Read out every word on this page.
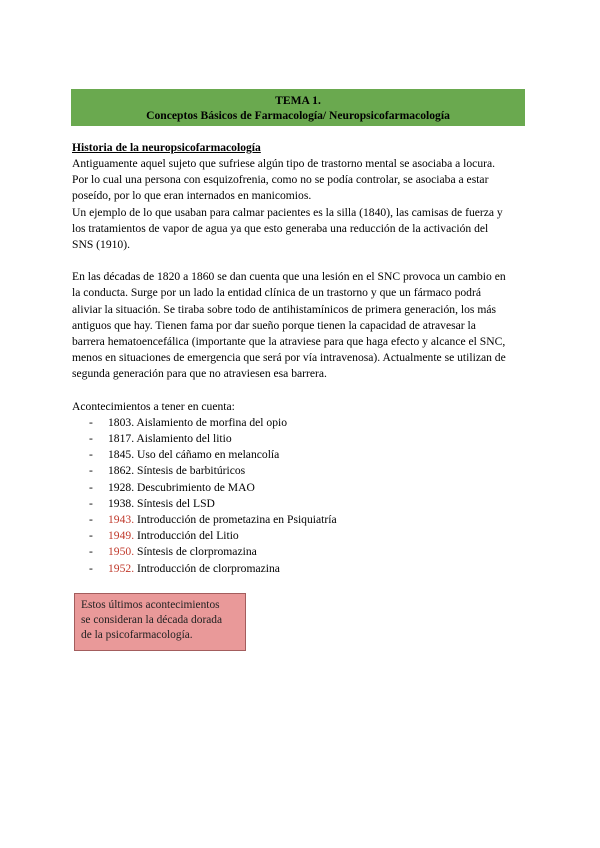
TEMA 1.
Conceptos Básicos de Farmacología/ Neuropsicofarmacología
Historia de la neuropsicofarmacología

Antiguamente aquel sujeto que sufriese algún tipo de trastorno mental se asociaba a locura.
Por lo cual una persona con esquizofrenia, como no se podía controlar, se asociaba a estar
poseído, por lo que eran internados en manicomios.
Un ejemplo de lo que usaban para calmar pacientes es la silla (1840), las camisas de fuerza y
los tratamientos de vapor de agua ya que esto generaba una reducción de la activación del
SNS (1910).

En las décadas de 1820 a 1860 se dan cuenta que una lesión en el SNC provoca un cambio en
la conducta. Surge por un lado la entidad clínica de un trastorno y que un fármaco podrá
aliviar la situación. Se tiraba sobre todo de antihistamínicos de primera generación, los más
antiguos que hay. Tienen fama por dar sueño porque tienen la capacidad de atravesar la
barrera hematoencefálica (importante que la atraviese para que haga efecto y alcance el SNC,
menos en situaciones de emergencia que será por vía intravenosa). Actualmente se utilizan de
segunda generación para que no atraviesen esa barrera.

Acontecimientos a tener en cuenta:
- 1803. Aislamiento de morfina del opio
- 1817. Aislamiento del litio
- 1845. Uso del cáñamo en melancolía
- 1862. Síntesis de barbitúricos
- 1928. Descubrimiento de MAO
- 1938. Síntesis del LSD
- 1943. Introducción de prometazina en Psiquiatría
- 1949. Introducción del Litio
- 1950. Síntesis de clorpromazina
- 1952. Introducción de clorpromazina
Estos últimos acontecimientos
se consideran la década dorada
de la psicofarmacología.
